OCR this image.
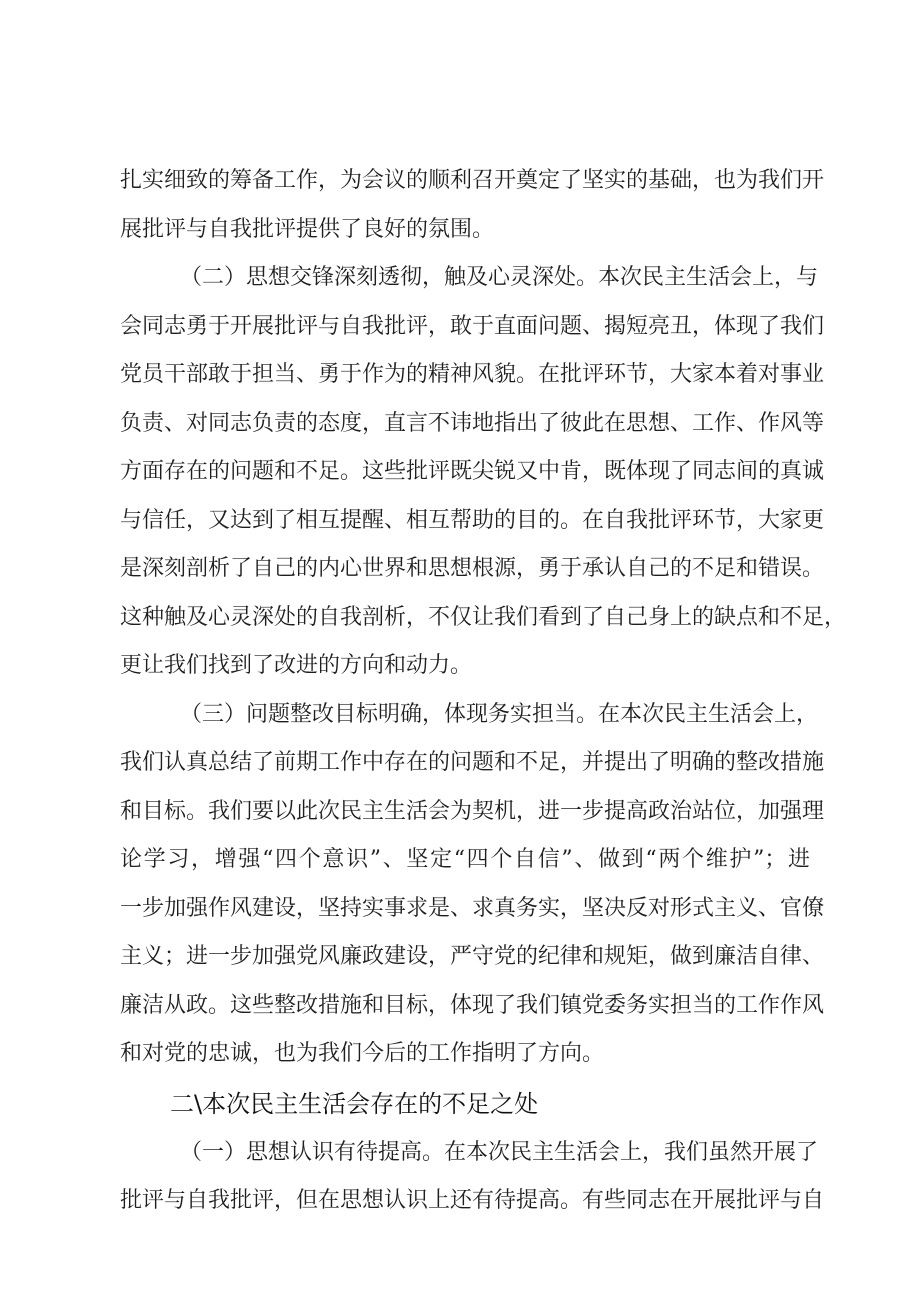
扎实细致的筹备工作，为会议的顺利召开奠定了坚实的基础，也为我们开
展批评与自我批评提供了良好的氛围。

（二）思想交锋深刻透彻，触及心灵深处。本次民主生活会上，与
会同志勇于开展批评与自我批评，敢于直面问题、揭短亮丑，体现了我们
党员干部敢于担当、勇于作为的精神风貌。在批评环节，大家本着对事业
负责、对同志负责的态度，直言不讳地指出了彼此在思想、工作、作风等
方面存在的问题和不足。这些批评既尖锐又中肯，既体现了同志间的真诚
与信任，又达到了相互提醒、相互帮助的目的。在自我批评环节，大家更
是深刻剖析了自己的内心世界和思想根源，勇于承认自己的不足和错误。
这种触及心灵深处的自我剖析，不仅让我们看到了自己身上的缺点和不足，
更让我们找到了改进的方向和动力。

（三）问题整改目标明确，体现务实担当。在本次民主生活会上，
我们认真总结了前期工作中存在的问题和不足，并提出了明确的整改措施
和目标。我们要以此次民主生活会为契机，进一步提高政治站位，加强理
论学习，增强“四个意识”、坚定“四个自信”、做到“两个维护”；进
一步加强作风建设，坚持实事求是、求真务实，坚决反对形式主义、官僚
主义；进一步加强党风廉政建设，严守党的纪律和规矩，做到廉洁自律、
廉洁从政。这些整改措施和目标，体现了我们镇党委务实担当的工作作风
和对党的忠诚，也为我们今后的工作指明了方向。

二\本次民主生活会存在的不足之处

（一）思想认识有待提高。在本次民主生活会上，我们虽然开展了
批评与自我批评，但在思想认识上还有待提高。有些同志在开展批评与自
